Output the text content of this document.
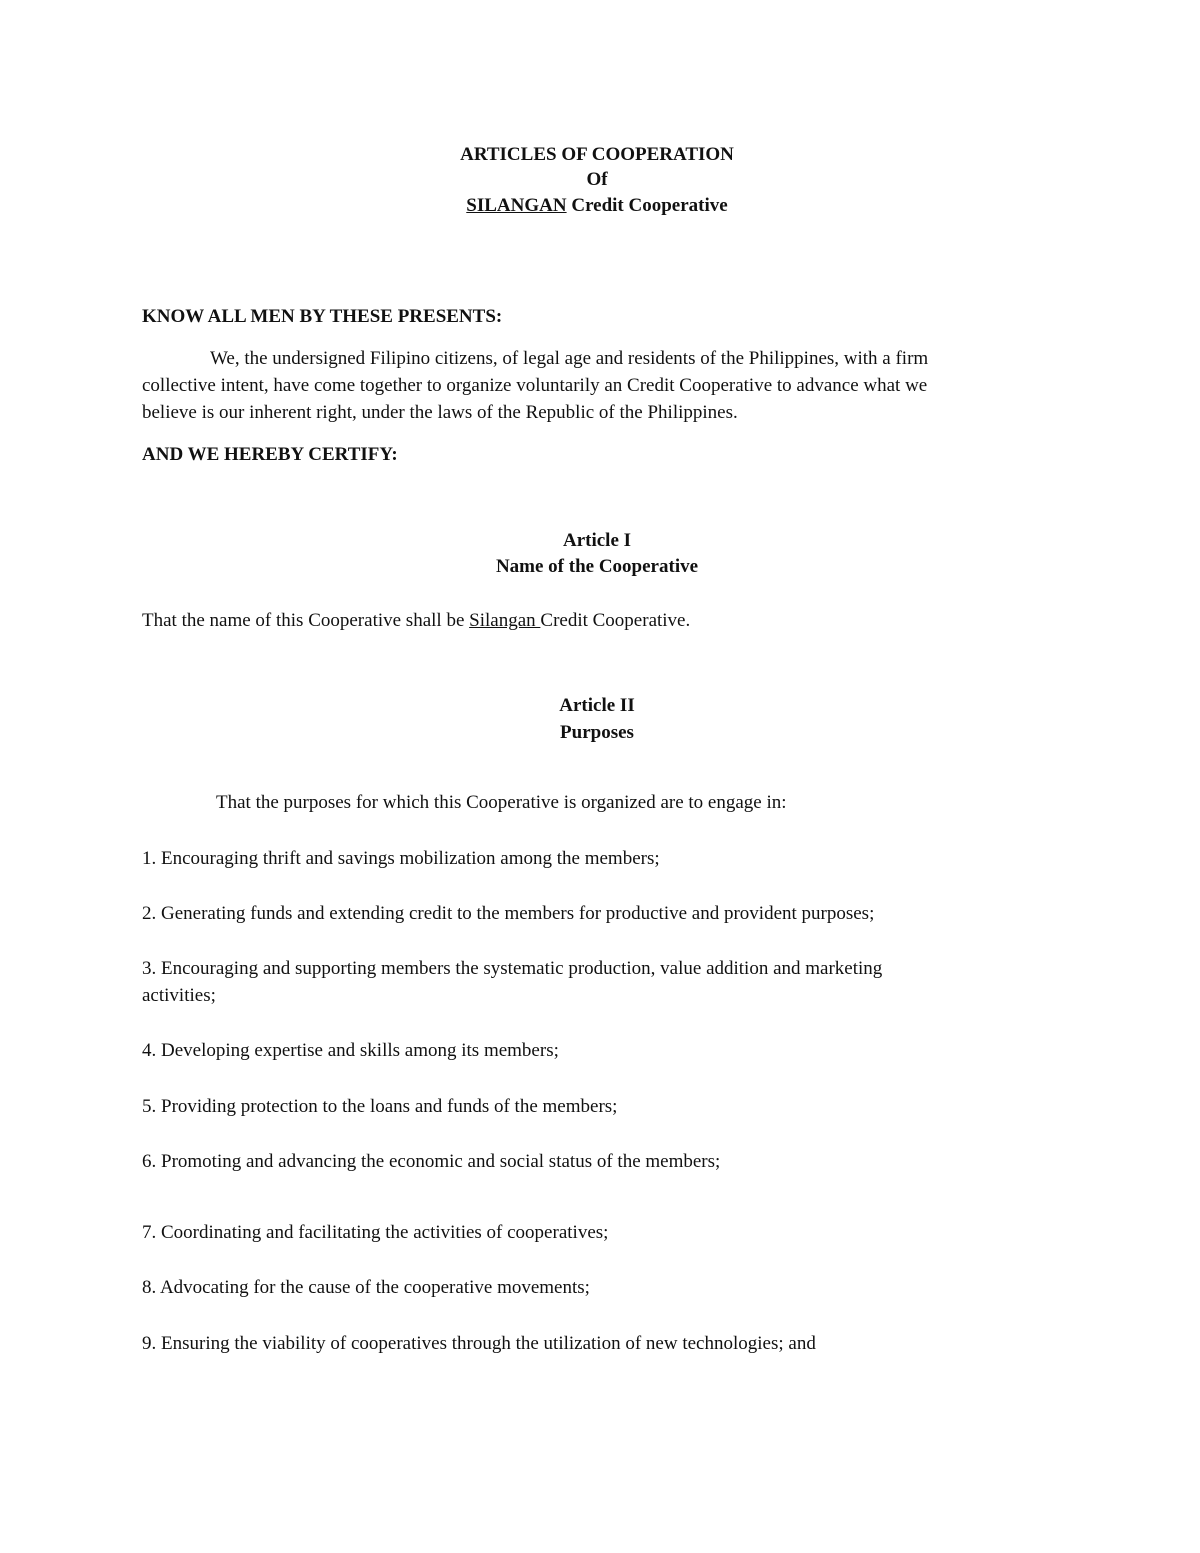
ARTICLES OF COOPERATION
Of
SILANGAN Credit Cooperative
KNOW ALL MEN BY THESE PRESENTS:
We, the undersigned Filipino citizens, of legal age and residents of the Philippines, with a firm
collective intent, have come together to organize voluntarily an Credit Cooperative to advance what we
believe is our inherent right, under the laws of the Republic of the Philippines.
AND WE HEREBY CERTIFY:
Article I
Name of the Cooperative
That the name of this Cooperative shall be Silangan Credit Cooperative.
Article II
Purposes
That the purposes for which this Cooperative is organized are to engage in:
1. Encouraging thrift and savings mobilization among the members;
2. Generating funds and extending credit to the members for productive and provident purposes;
3. Encouraging and supporting members the systematic production, value addition and marketing
activities;
4. Developing expertise and skills among its members;
5. Providing protection to the loans and funds of the members;
6. Promoting and advancing the economic and social status of the members;
7. Coordinating and facilitating the activities of cooperatives;
8. Advocating for the cause of the cooperative movements;
9. Ensuring the viability of cooperatives through the utilization of new technologies; and
